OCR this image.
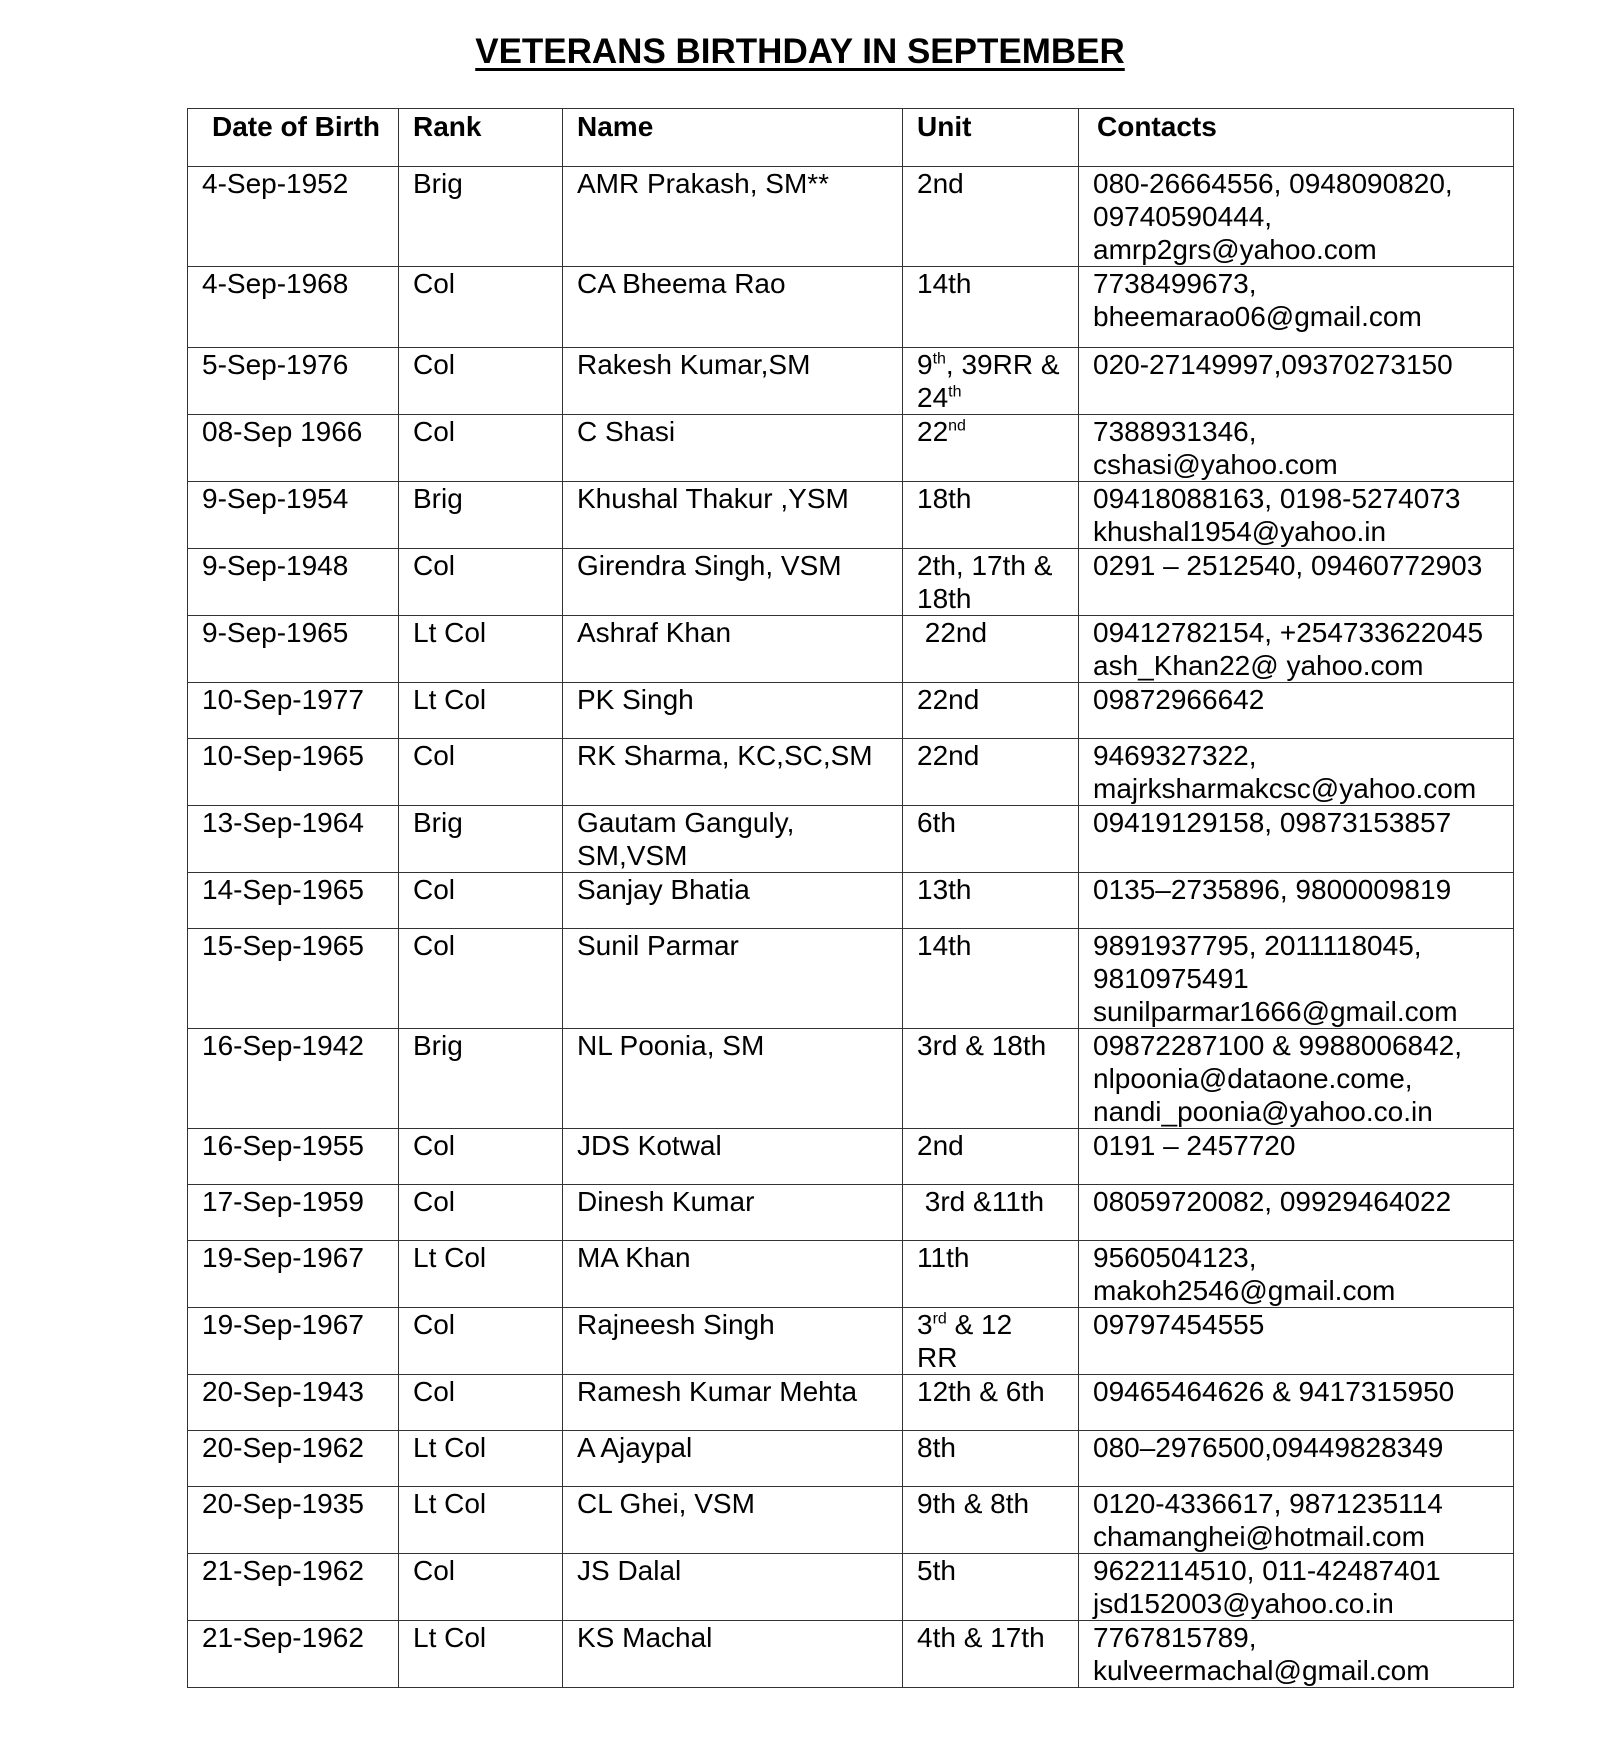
VETERANS BIRTHDAY IN SEPTEMBER
Date of Birth	Rank	Name	Unit	Contacts
4-Sep-1952	Brig	AMR Prakash, SM**	2nd	080-26664556, 0948090820,
09740590444,
amrp2grs@yahoo.com

4-Sep-1968	Col	CA Bheema Rao	14th	7738499673,
bheemarao06@gmail.com

5-Sep-1976	Col	Rakesh Kumar,SM	9th, 39RR &
24th	020-27149997,09370273150

08-Sep 1966	Col	C Shasi	22nd	7388931346,
cshasi@yahoo.com

9-Sep-1954	Brig	Khushal Thakur ,YSM	18th	09418088163, 0198-5274073
khushal1954@yahoo.in

9-Sep-1948	Col	Girendra Singh, VSM	2th, 17th &
18th	0291 – 2512540, 09460772903

9-Sep-1965	Lt Col	Ashraf Khan	22nd	09412782154, +254733622045
ash_Khan22@ yahoo.com

10-Sep-1977	Lt Col	PK Singh	22nd	09872966642

10-Sep-1965	Col	RK Sharma, KC,SC,SM	22nd	9469327322,
majrksharmakcsc@yahoo.com

13-Sep-1964	Brig	Gautam Ganguly,
SM,VSM	6th	09419129158, 09873153857

14-Sep-1965	Col	Sanjay Bhatia	13th	0135–2735896, 9800009819

15-Sep-1965	Col	Sunil Parmar	14th	9891937795, 2011118045,
9810975491
sunilparmar1666@gmail.com

16-Sep-1942	Brig	NL Poonia, SM	3rd & 18th	09872287100 & 9988006842,
nlpoonia@dataone.come,
nandi_poonia@yahoo.co.in

16-Sep-1955	Col	JDS Kotwal	2nd	0191 – 2457720

17-Sep-1959	Col	Dinesh Kumar	3rd &11th	08059720082, 09929464022

19-Sep-1967	Lt Col	MA Khan	11th	9560504123,
makoh2546@gmail.com

19-Sep-1967	Col	Rajneesh Singh	3rd & 12
RR	09797454555

20-Sep-1943	Col	Ramesh Kumar Mehta	12th & 6th	09465464626 & 9417315950

20-Sep-1962	Lt Col	A Ajaypal	8th	080–2976500,09449828349

20-Sep-1935	Lt Col	CL Ghei, VSM	9th & 8th	0120-4336617, 9871235114
chamanghei@hotmail.com

21-Sep-1962	Col	JS Dalal	5th	9622114510, 011-42487401
jsd152003@yahoo.co.in

21-Sep-1962	Lt Col	KS Machal	4th & 17th	7767815789,
kulveermachal@gmail.com
